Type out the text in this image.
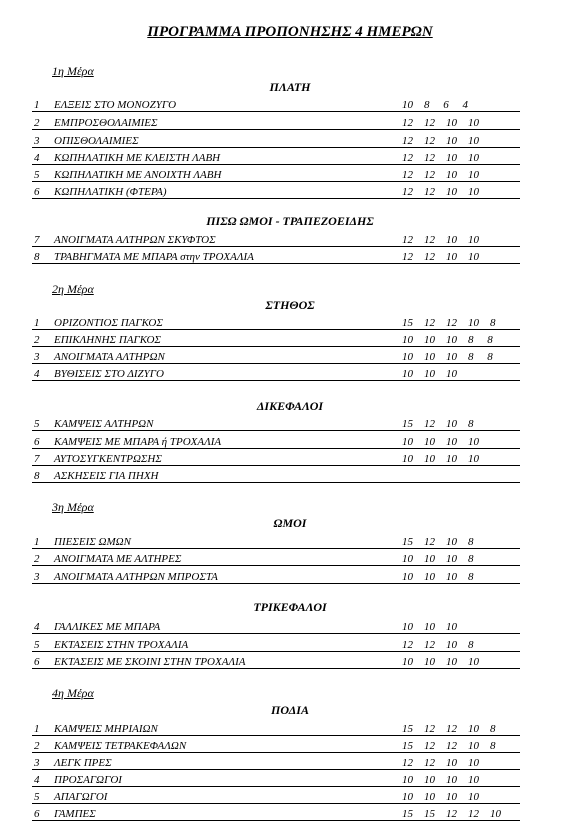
ΠΡΟΓΡΑΜΜΑ ΠΡΟΠΟΝΗΣΗΣ 4 ΗΜΕΡΩΝ
1η Μέρα
ΠΛΑΤΗ
1 ΕΛΞΕΙΣ ΣΤΟ ΜΟΝΟΖΥΓΟ	10    8     6     4
2 ΕΜΠΡΟΣΘΟΛΑΙΜΙΕΣ	12    12    10    10
3 ΟΠΙΣΘΟΛΑΙΜΙΕΣ	12    12    10    10
4 ΚΩΠΗΛΑΤΙΚΗ ΜΕ ΚΛΕΙΣΤΗ ΛΑΒΗ	12    12    10    10
5 ΚΩΠΗΛΑΤΙΚΗ ΜΕ ΑΝΟΙΧΤΗ ΛΑΒΗ	12    12    10    10
6 ΚΩΠΗΛΑΤΙΚΗ (ΦΤΕΡΑ)	12    12    10    10
ΠΙΣΩ ΩΜΟΙ - ΤΡΑΠΕΖΟΕΙΔΗΣ
7 ΑΝΟΙΓΜΑΤΑ ΑΛΤΗΡΩΝ ΣΚΥΦΤΟΣ	12    12    10    10
8 ΤΡΑΒΗΓΜΑΤΑ ΜΕ ΜΠΑΡΑ στην ΤΡΟΧΑΛΙΑ	12    12    10    10
2η Μέρα
ΣΤΗΘΟΣ
1 ΟΡΙΖΟΝΤΙΟΣ ΠΑΓΚΟΣ	15    12    12    10    8
2 ΕΠΙΚΛΗΝΗΣ ΠΑΓΚΟΣ	10    10    10    8     8
3 ΑΝΟΙΓΜΑΤΑ ΑΛΤΗΡΩΝ	10    10    10    8     8
4 ΒΥΘΙΣΕΙΣ ΣΤΟ ΔΙΖΥΓΟ	10    10    10
ΔΙΚΕΦΑΛΟΙ
5 ΚΑΜΨΕΙΣ ΑΛΤΗΡΩΝ	15    12    10    8
6 ΚΑΜΨΕΙΣ ΜΕ ΜΠΑΡΑ ή ΤΡΟΧΑΛΙΑ	10    10    10    10
7 ΑΥΤΟΣΥΓΚΕΝΤΡΩΣΗΣ	10    10    10    10
8 ΑΣΚΗΣΕΙΣ ΓΙΑ ΠΗΧΗ
3η Μέρα
ΩΜΟΙ
1 ΠΙΕΣΕΙΣ ΩΜΩΝ	15    12    10    8
2 ΑΝΟΙΓΜΑΤΑ ΜΕ ΑΛΤΗΡΕΣ	10    10    10    8
3 ΑΝΟΙΓΜΑΤΑ ΑΛΤΗΡΩΝ ΜΠΡΟΣΤΑ	10    10    10    8
ΤΡΙΚΕΦΑΛΟΙ
4 ΓΑΛΛΙΚΕΣ ΜΕ ΜΠΑΡΑ	10    10    10
5 ΕΚΤΑΣΕΙΣ ΣΤΗΝ ΤΡΟΧΑΛΙΑ	12    12    10    8
6 ΕΚΤΑΣΕΙΣ ΜΕ ΣΚΟΙΝΙ ΣΤΗΝ ΤΡΟΧΑΛΙΑ	10    10    10    10
4η Μέρα
ΠΟΔΙΑ
1 ΚΑΜΨΕΙΣ ΜΗΡΙΑΙΩΝ	15    12    12    10    8
2 ΚΑΜΨΕΙΣ ΤΕΤΡΑΚΕΦΑΛΩΝ	15    12    12    10    8
3 ΛΕΓΚ ΠΡΕΣ	12    12    10    10
4 ΠΡΟΣΑΓΩΓΟΙ	10    10    10    10
5 ΑΠΑΓΩΓΟΙ	10    10    10    10
6 ΓΑΜΠΕΣ	15    15    12    12    10
